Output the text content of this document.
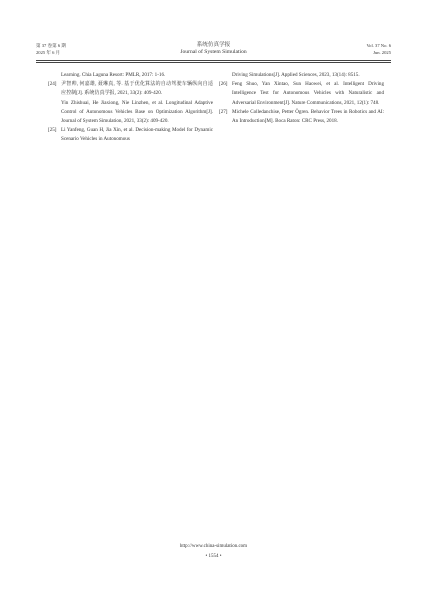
第 37 卷第 6 期
2025 年 6 月
系统仿真学报
Journal of System Simulation
Vol. 37 No. 6
Jun. 2025

Learning. Chia Laguna Resort: PMLR, 2017: 1-16.

[24] 尹智帅, 何嘉雄, 聂琳真, 等. 基于优化算法的自动驾驶车辆纵向自适应控制[J]. 系统仿真学报, 2021, 33(2): 409-420.

Yin Zhishuai, He Jiaxiong, Nie Linzhen, et al. Longitudinal Adaptive Control of Autonomous Vehicles Base on Optimization Algorithm[J]. Journal of System Simulation, 2021, 33(2): 409-420.

[25] Li Yanfeng, Guan H, Jia Xin, et al. Decision-making Model for Dynamic Scenario Vehicles in Autonomous

Driving Simulations[J]. Applied Sciences, 2023, 13(14): 8515.

[26] Feng Shuo, Yan Xintao, Sun Haowei, et al. Intelligent Driving Intelligence Test for Autonomous Vehicles with Naturalistic and Adversarial Environment[J]. Nature Communications, 2021, 12(1): 748.
[27] Michele Colledanchise, Petter Ögren. Behavior Trees in Robotics and AI: An Introduction[M]. Boca Raton: CRC Press, 2018.
http://www.china-simulation.com
• 1554 •
